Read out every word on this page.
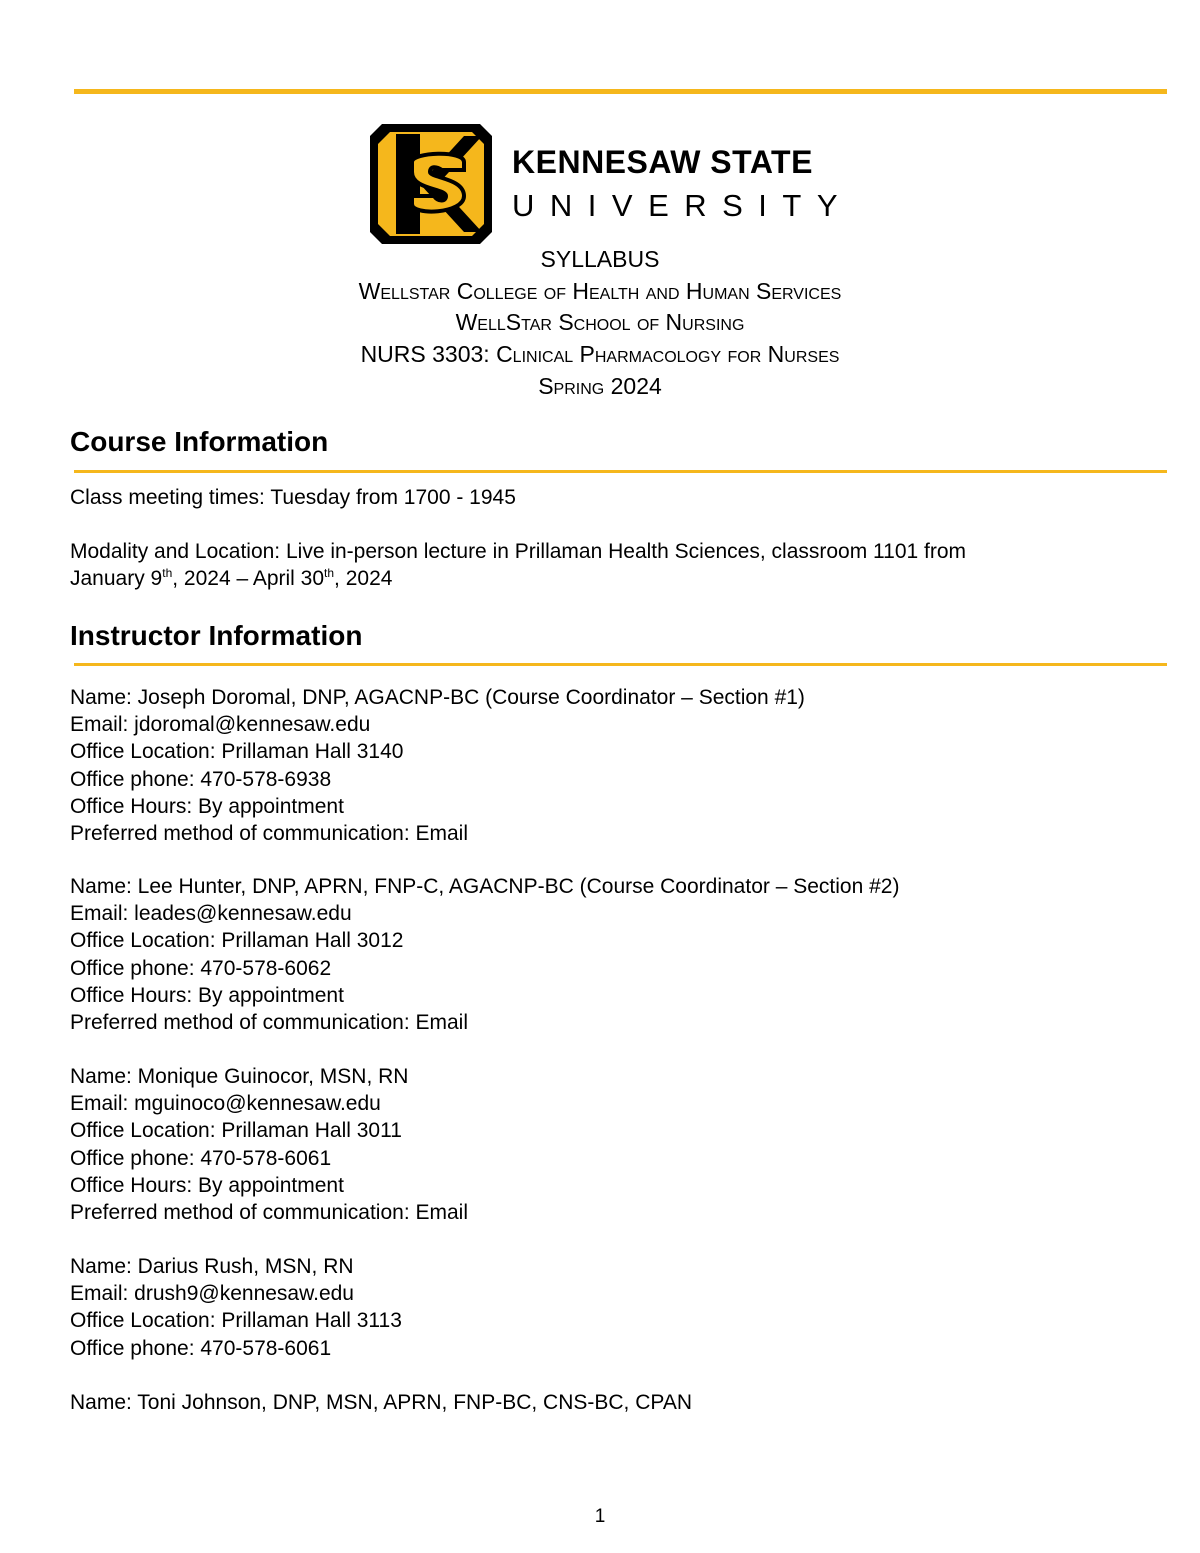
KENNESAW STATE
UNIVERSITY
SYLLABUS
Wellstar College of Health and Human Services
WellStar School of Nursing
NURS 3303: Clinical Pharmacology for Nurses
Spring 2024
Course Information
Class meeting times: Tuesday from 1700 - 1945
Modality and Location: Live in-person lecture in Prillaman Health Sciences, classroom 1101 from
January 9th, 2024 – April 30th, 2024
Instructor Information
Name: Joseph Doromal, DNP, AGACNP-BC (Course Coordinator – Section #1)
Email: jdoromal@kennesaw.edu
Office Location: Prillaman Hall 3140
Office phone: 470-578-6938
Office Hours: By appointment
Preferred method of communication: Email
Name: Lee Hunter, DNP, APRN, FNP-C, AGACNP-BC (Course Coordinator – Section #2)
Email: leades@kennesaw.edu
Office Location: Prillaman Hall 3012
Office phone: 470-578-6062
Office Hours: By appointment
Preferred method of communication: Email
Name: Monique Guinocor, MSN, RN
Email: mguinoco@kennesaw.edu
Office Location: Prillaman Hall 3011
Office phone: 470-578-6061
Office Hours: By appointment
Preferred method of communication: Email
Name: Darius Rush, MSN, RN
Email: drush9@kennesaw.edu
Office Location: Prillaman Hall 3113
Office phone: 470-578-6061
Name: Toni Johnson, DNP, MSN, APRN, FNP-BC, CNS-BC, CPAN
1
